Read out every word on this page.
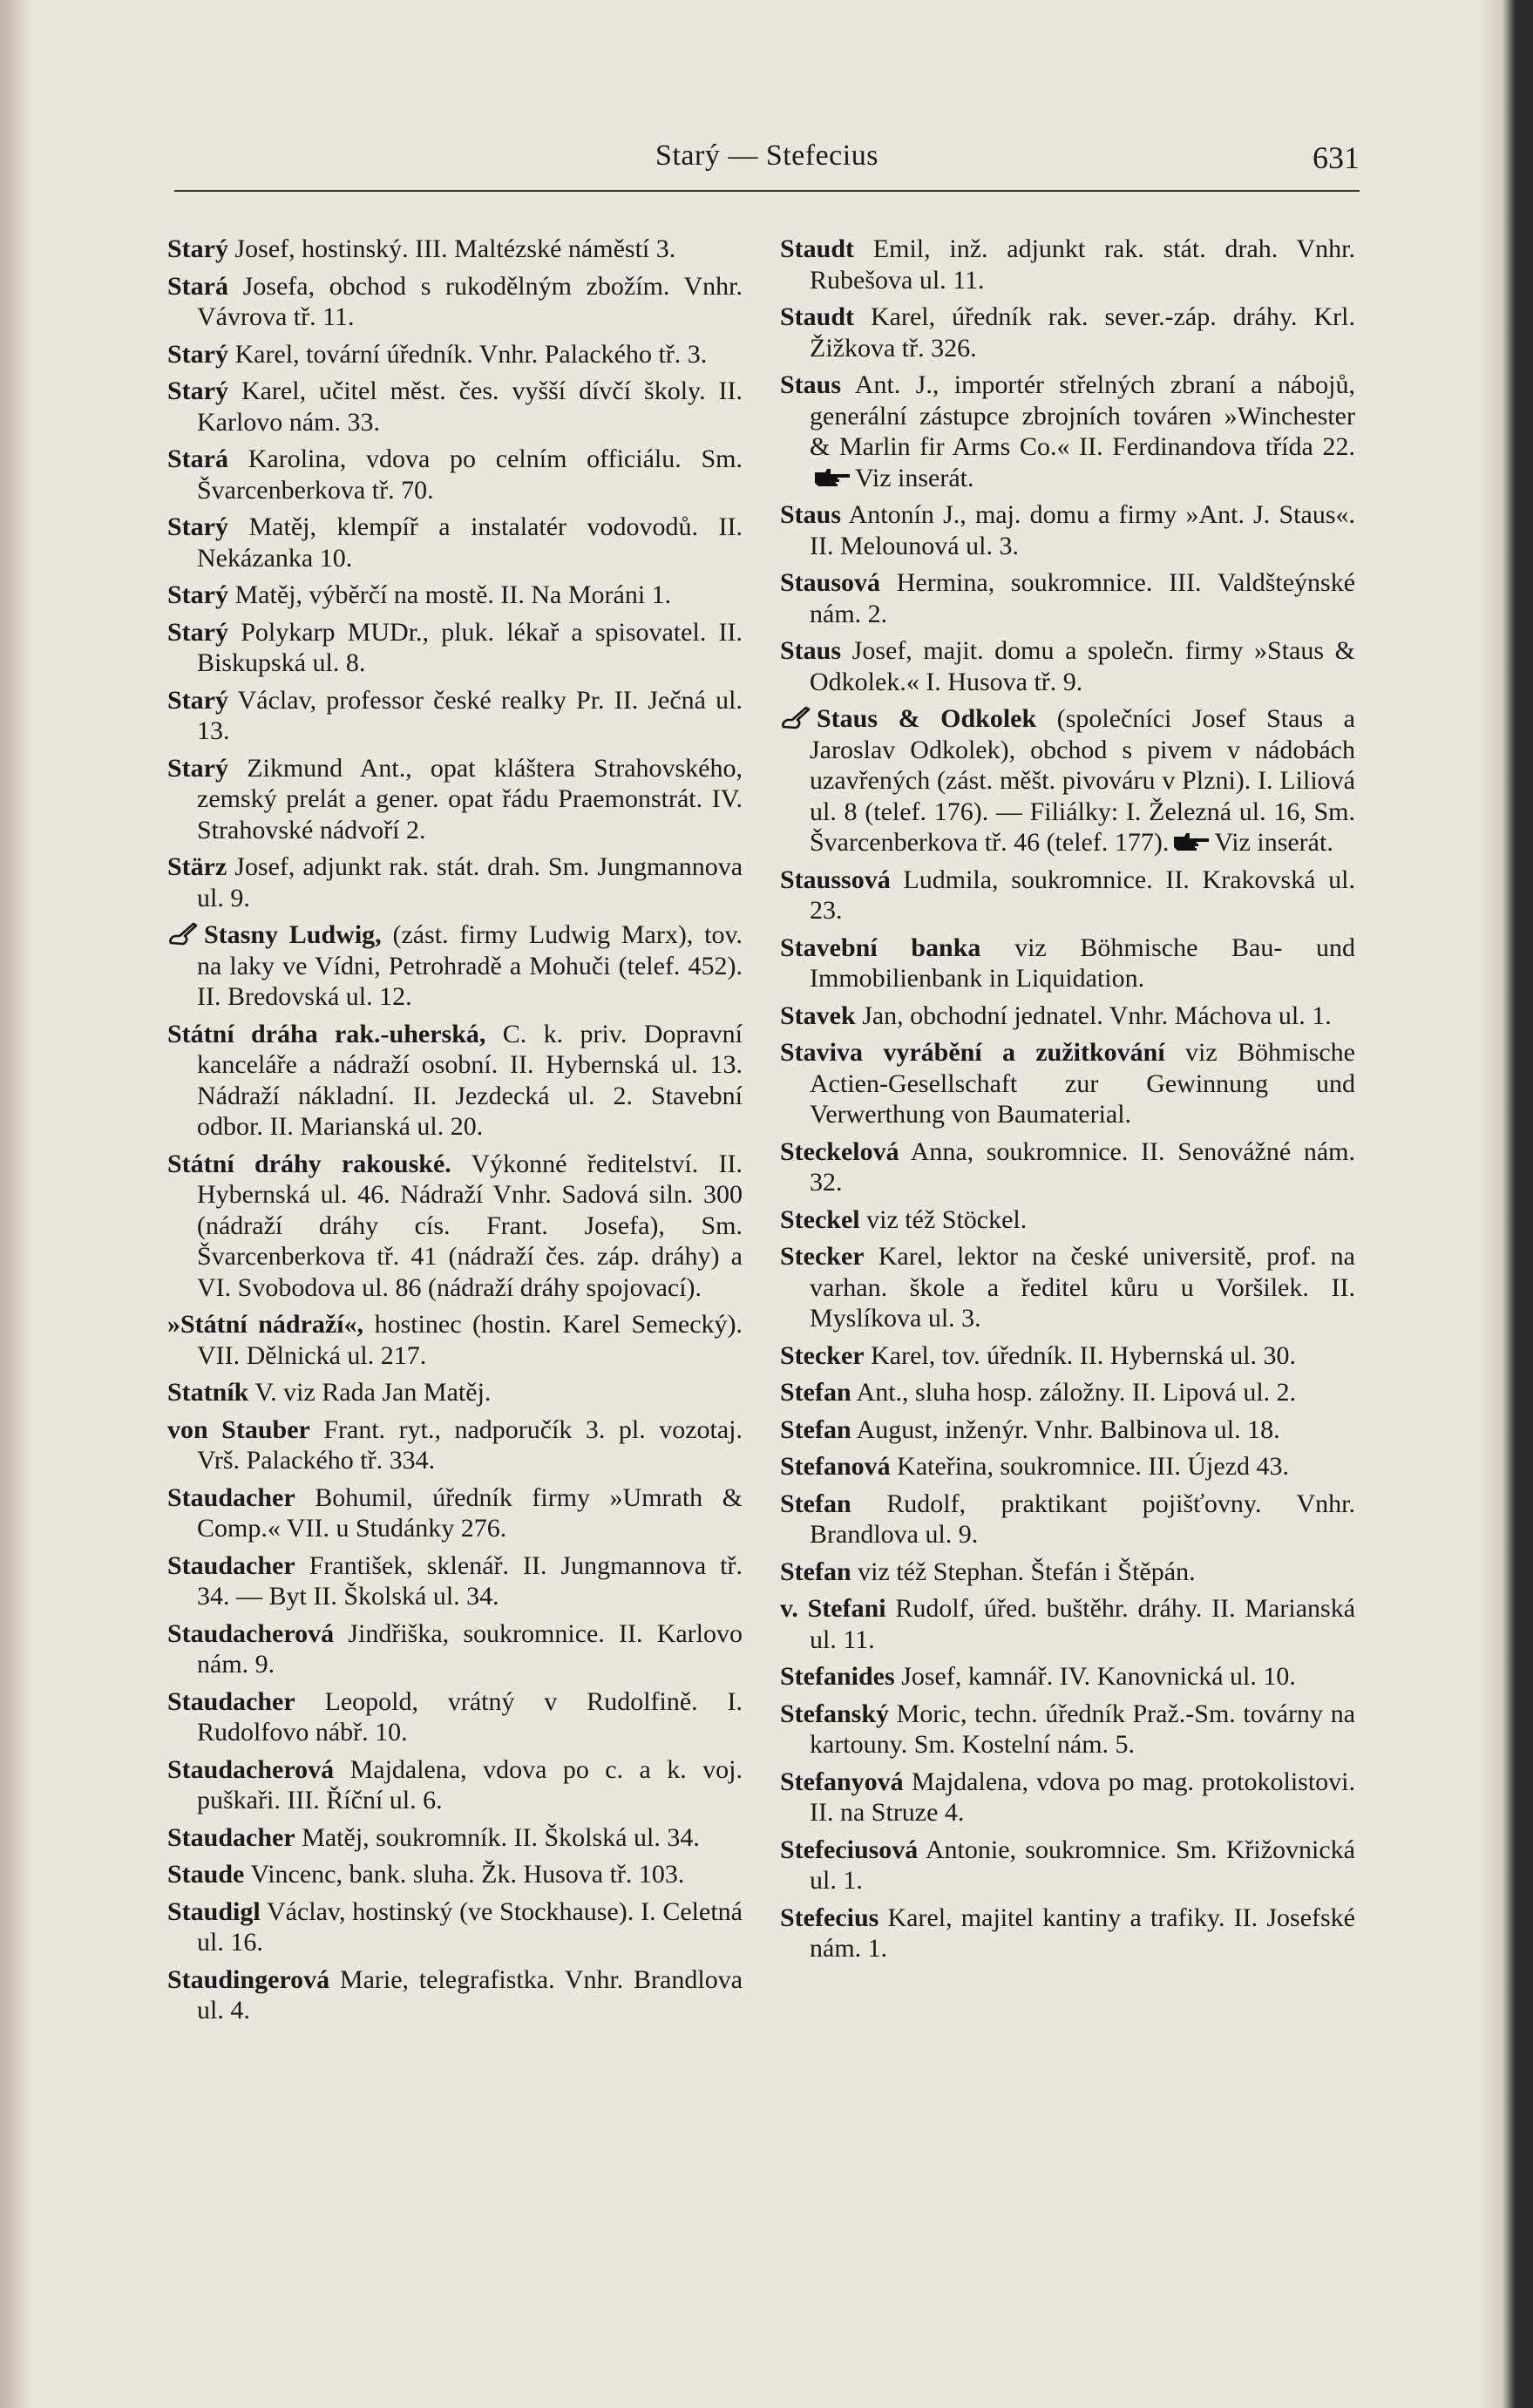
Starý — Stefecius	631
Starý Josef, hostinský. III. Maltézské náměstí 3.
Stará Josefa, obchod s rukodělným zbožím. Vnhr. Vávrova tř. 11.
Starý Karel, tovární úředník. Vnhr. Palackého tř. 3.
Starý Karel, učitel měst. čes. vyšší dívčí školy. II. Karlovo nám. 33.
Stará Karolina, vdova po celním officiálu. Sm. Švarcenberkova tř. 70.
Starý Matěj, klempíř a instalatér vodovodů. II. Nekázanka 10.
Starý Matěj, výběrčí na mostě. II. Na Moráni 1.
Starý Polykarp MUDr., pluk. lékař a spisovatel. II. Biskupská ul. 8.
Starý Václav, professor české realky Pr. II. Ječná ul. 13.
Starý Zikmund Ant., opat kláštera Strahovského, zemský prelát a gener. opat řádu Praemonstrát. IV. Strahovské nádvoří 2.
Stärz Josef, adjunkt rak. stát. drah. Sm. Jungmannova ul. 9.
Stasny Ludwig, (zást. firmy Ludwig Marx), tov. na laky ve Vídni, Petrohradě a Mohuči (telef. 452). II. Bredovská ul. 12.
Státní dráha rak.-uherská, C. k. priv. Dopravní kanceláře a nádraží osobní. II. Hybernská ul. 13. Nádraží nákladní. II. Jezdecká ul. 2. Stavební odbor. II. Marianská ul. 20.
Státní dráhy rakouské. Výkonné ředitelství. II. Hybernská ul. 46. Nádraží Vnhr. Sadová siln. 300 (nádraží dráhy cís. Frant. Josefa), Sm. Švarcenberkova tř. 41 (nádraží čes. záp. dráhy) a VI. Svobodova ul. 86 (nádraží dráhy spojovací).
»Státní nádraží«, hostinec (hostin. Karel Semecký). VII. Dělnická ul. 217.
Statník V. viz Rada Jan Matěj.
von Stauber Frant. ryt., nadporučík 3. pl. vozotaj. Vrš. Palackého tř. 334.
Staudacher Bohumil, úředník firmy »Umrath & Comp.« VII. u Studánky 276.
Staudacher František, sklenář. II. Jungmannova tř. 34. — Byt II. Školská ul. 34.
Staudacherová Jindřiška, soukromnice. II. Karlovo nám. 9.
Staudacher Leopold, vrátný v Rudolfině. I. Rudolfovo nábř. 10.
Staudacherová Majdalena, vdova po c. a k. voj. puškaři. III. Říční ul. 6.
Staudacher Matěj, soukromník. II. Školská ul. 34.
Staude Vincenc, bank. sluha. Žk. Husova tř. 103.
Staudigl Václav, hostinský (ve Stockhause). I. Celetná ul. 16.
Staudingerová Marie, telegrafistka. Vnhr. Brandlova ul. 4.
Staudt Emil, inž. adjunkt rak. stát. drah. Vnhr. Rubešova ul. 11.
Staudt Karel, úředník rak. sever.-záp. dráhy. Krl. Žižkova tř. 326.
Staus Ant. J., importér střelných zbraní a nábojů, generální zástupce zbrojních továren »Winchester & Marlin fir Arms Co.« II. Ferdinandova třída 22.Viz inserát.
Staus Antonín J., maj. domu a firmy »Ant. J. Staus«. II. Melounová ul. 3.
Stausová Hermina, soukromnice. III. Valdšteýnské nám. 2.
Staus Josef, majit. domu a společn. firmy »Staus & Odkolek.« I. Husova tř. 9.
Staus & Odkolek (společníci Josef Staus a Jaroslav Odkolek), obchod s pivem v nádobách uzavřených (zást. měšt. pivováru v Plzni). I. Liliová ul. 8 (telef. 176). — Filiálky: I. Železná ul. 16, Sm. Švarcenberkova tř. 46 (telef. 177). Viz inserát.
Staussová Ludmila, soukromnice. II. Krakovská ul. 23.
Stavební banka viz Böhmische Bau- und Immobilienbank in Liquidation.
Stavek Jan, obchodní jednatel. Vnhr. Máchova ul. 1.
Staviva vyrábění a zužitkování viz Böhmische Actien-Gesellschaft zur Gewinnung und Verwerthung von Baumaterial.
Steckelová Anna, soukromnice. II. Senovážné nám. 32.
Steckel viz též Stöckel.
Stecker Karel, lektor na české universitě, prof. na varhan. škole a ředitel kůru u Voršilek. II. Myslíkova ul. 3.
Stecker Karel, tov. úředník. II. Hybernská ul. 30.
Stefan Ant., sluha hosp. záložny. II. Lipová ul. 2.
Stefan August, inženýr. Vnhr. Balbinova ul. 18.
Stefanová Kateřina, soukromnice. III. Újezd 43.
Stefan Rudolf, praktikant pojišťovny. Vnhr. Brandlova ul. 9.
Stefan viz též Stephan. Štefán i Štěpán.
v. Stefani Rudolf, úřed. buštěhr. dráhy. II. Marianská ul. 11.
Stefanides Josef, kamnář. IV. Kanovnická ul. 10.
Stefanský Moric, techn. úředník Praž.-Sm. továrny na kartouny. Sm. Kostelní nám. 5.
Stefanyová Majdalena, vdova po mag. protokolistovi. II. na Struze 4.
Stefeciusová Antonie, soukromnice. Sm. Křižovnická ul. 1.
Stefecius Karel, majitel kantiny a trafiky. II. Josefské nám. 1.
